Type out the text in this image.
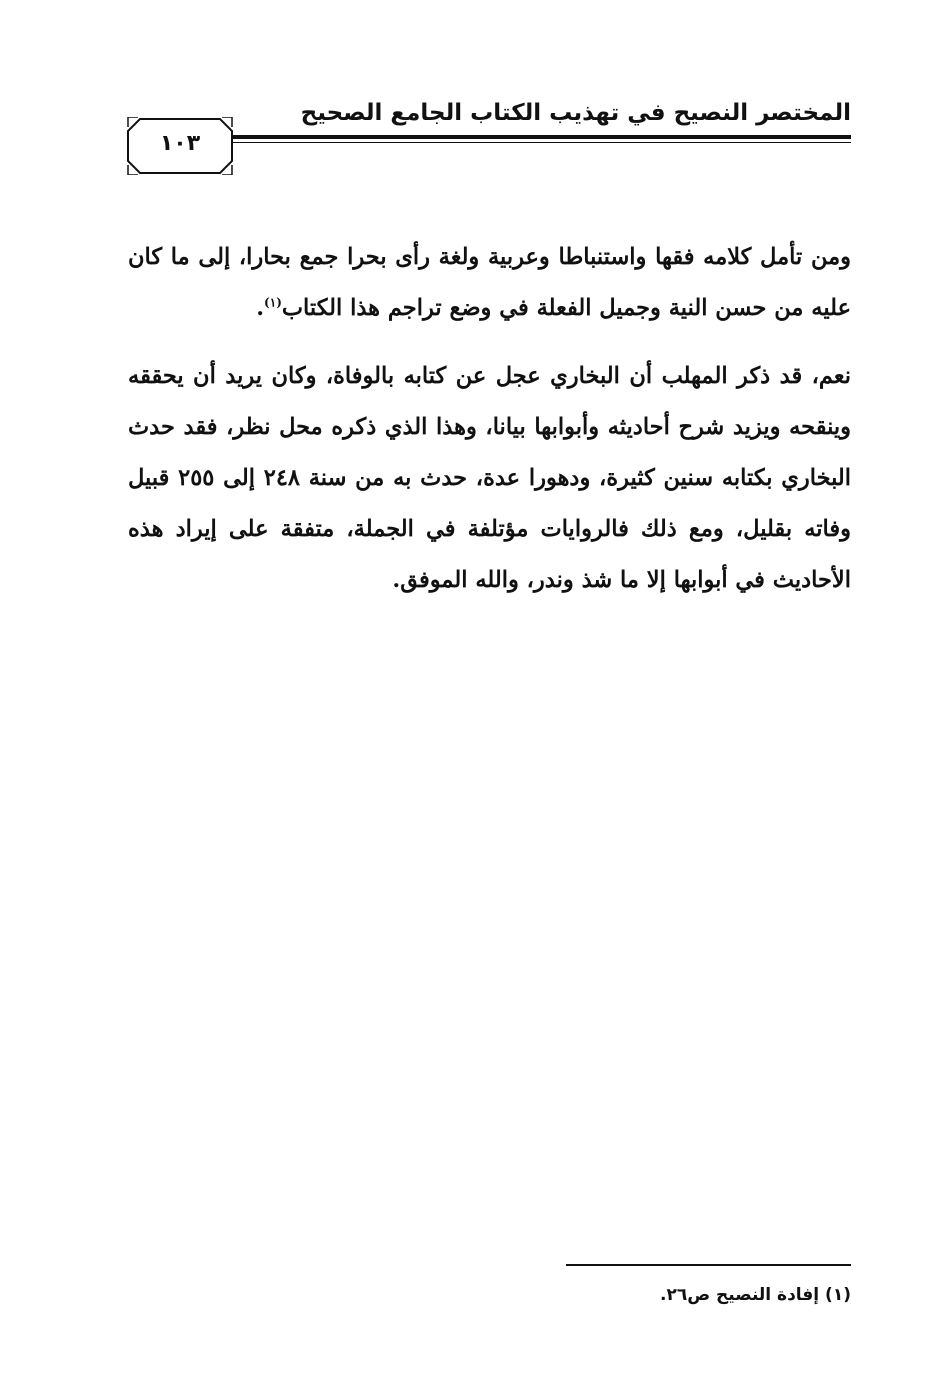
المختصر النصيح في تهذيب الكتاب الجامع الصحيح
١٠٣

ومن تأمل كلامه فقها واستنباطا وعربية ولغة رأى بحرا جمع بحارا، إلى ما كان عليه من حسن النية وجميل الفعلة في وضع تراجم هذا الكتاب$^{(١)}$.

نعم، قد ذكر المهلب أن البخاري عجل عن كتابه بالوفاة، وكان يريد أن يحققه وينقحه ويزيد شرح أحاديثه وأبوابها بيانا، وهذا الذي ذكره محل نظر، فقد حدث البخاري بكتابه سنين كثيرة، ودهورا عدة، حدث به من سنة ٢٤٨ إلى ٢٥٥ قبيل وفاته بقليل، ومع ذلك فالروايات مؤتلفة في الجملة، متفقة على إيراد هذه الأحاديث في أبوابها إلا ما شذ وندر، والله الموفق.

(١) إفادة النصيح ص٢٦.
